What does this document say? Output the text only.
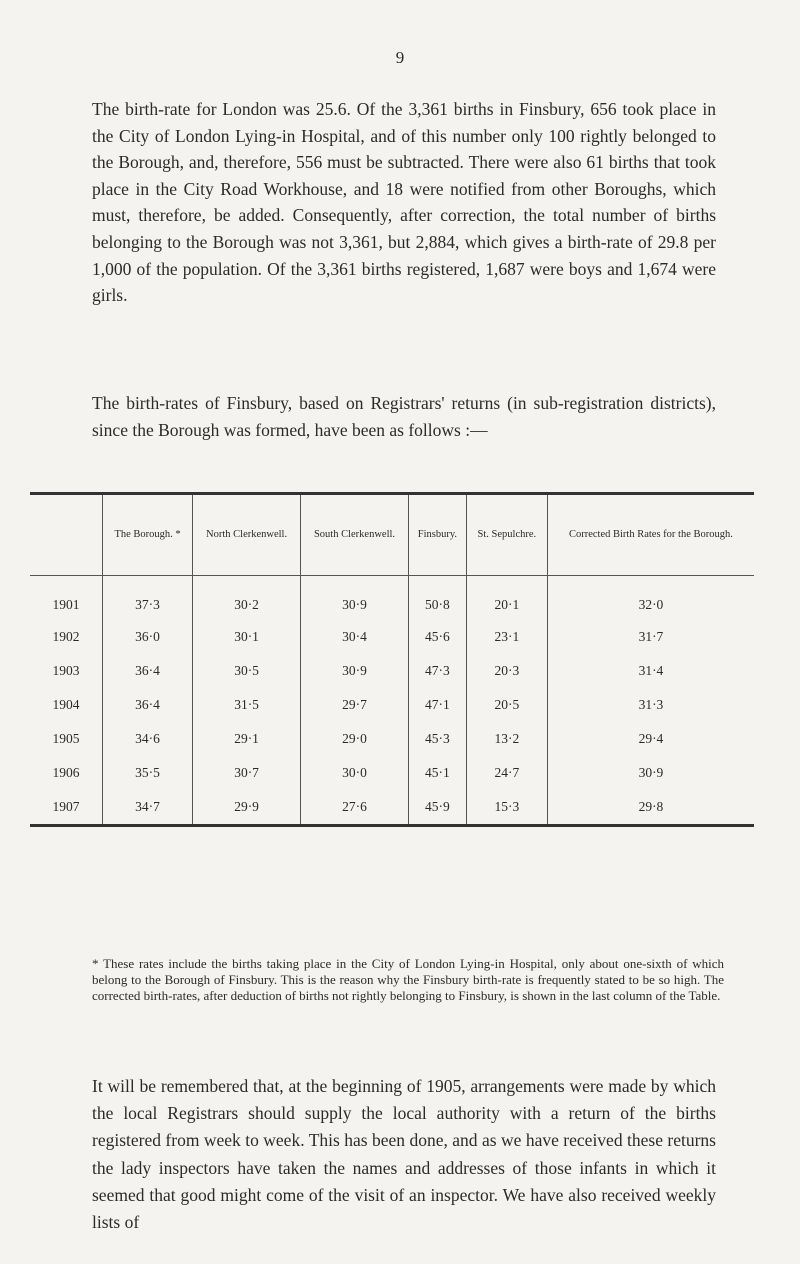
9

The birth-rate for London was 25.6. Of the 3,361 births in Finsbury, 656 took place in the City of London Lying-in Hospital, and of this number only 100 rightly belonged to the Borough, and, therefore, 556 must be subtracted. There were also 61 births that took place in the City Road Workhouse, and 18 were notified from other Boroughs, which must, therefore, be added. Consequently, after correction, the total number of births belonging to the Borough was not 3,361, but 2,884, which gives a birth-rate of 29.8 per 1,000 of the population. Of the 3,361 births registered, 1,687 were boys and 1,674 were girls.

The birth-rates of Finsbury, based on Registrars' returns (in sub-registration districts), since the Borough was formed, have been as follows :—

	The Borough. *	North Clerkenwell.	South Clerkenwell.	Finsbury.	St. Sepulchre.	Corrected Birth Rates for the Borough.
1901	37·3	30·2	30·9	50·8	20·1	32·0
1902	36·0	30·1	30·4	45·6	23·1	31·7
1903	36·4	30·5	30·9	47·3	20·3	31·4
1904	36·4	31·5	29·7	47·1	20·5	31·3
1905	34·6	29·1	29·0	45·3	13·2	29·4
1906	35·5	30·7	30·0	45·1	24·7	30·9
1907	34·7	29·9	27·6	45·9	15·3	29·8

* These rates include the births taking place in the City of London Lying-in Hospital, only about one-sixth of which belong to the Borough of Finsbury. This is the reason why the Finsbury birth-rate is frequently stated to be so high. The corrected birth-rates, after deduction of births not rightly belonging to Finsbury, is shown in the last column of the Table.

It will be remembered that, at the beginning of 1905, arrangements were made by which the local Registrars should supply the local authority with a return of the births registered from week to week. This has been done, and as we have received these returns the lady inspectors have taken the names and addresses of those infants in which it seemed that good might come of the visit of an inspector. We have also received weekly lists of
